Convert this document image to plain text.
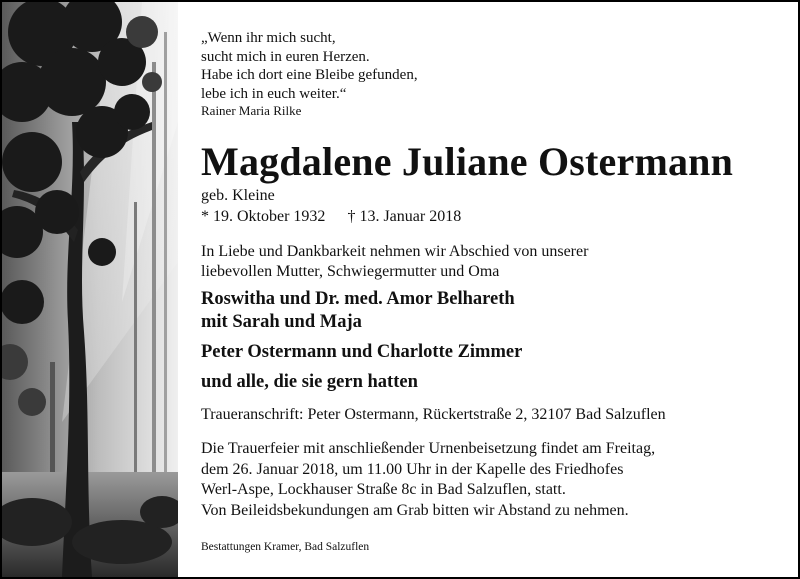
„Wenn ihr mich sucht,
sucht mich in euren Herzen.
Habe ich dort eine Bleibe gefunden,
lebe ich in euch weiter.“
Rainer Maria Rilke
Magdalene Juliane Ostermann
geb. Kleine
* 19. Oktober 1932 † 13. Januar 2018
In Liebe und Dankbarkeit nehmen wir Abschied von unserer
liebevollen Mutter, Schwiegermutter und Oma
Roswitha und Dr. med. Amor Belhareth
mit Sarah und Maja
Peter Ostermann und Charlotte Zimmer
und alle, die sie gern hatten
Traueranschrift: Peter Ostermann, Rückertstraße 2, 32107 Bad Salzuflen
Die Trauerfeier mit anschließender Urnenbeisetzung findet am Freitag,
dem 26. Januar 2018, um 11.00 Uhr in der Kapelle des Friedhofes
Werl-Aspe, Lockhauser Straße 8c in Bad Salzuflen, statt.
Von Beileidsbekundungen am Grab bitten wir Abstand zu nehmen.
Bestattungen Kramer, Bad Salzuflen
